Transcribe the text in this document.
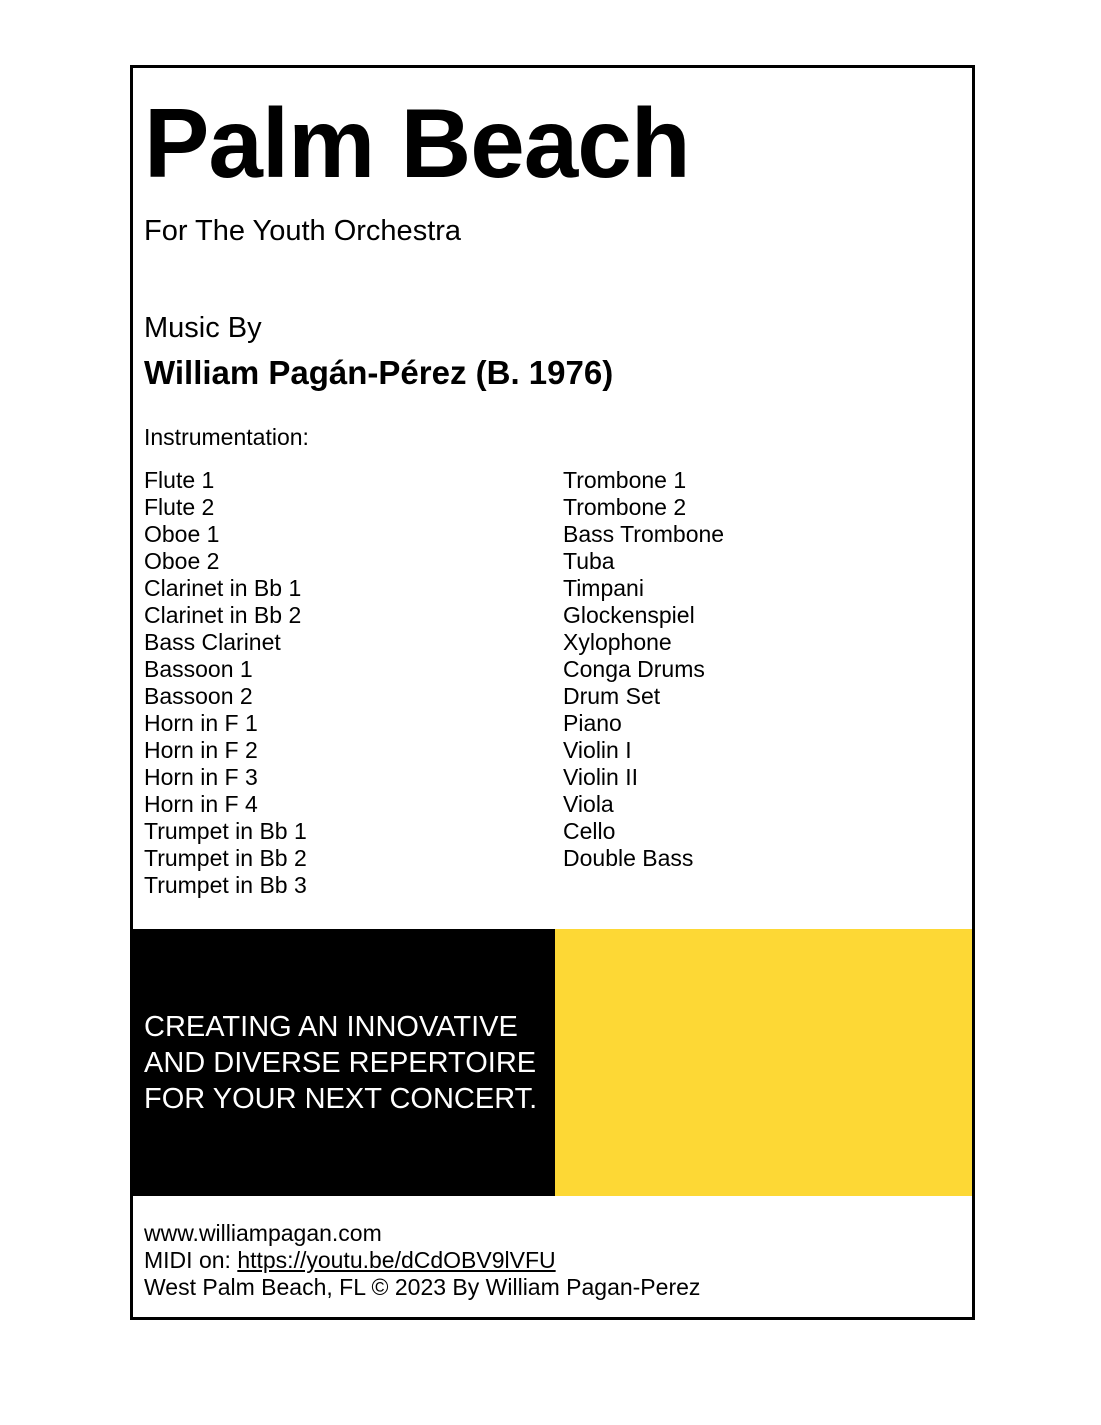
Palm Beach
For The Youth Orchestra
Music By
William Pagán-Pérez (B. 1976)
Instrumentation:
Flute 1
Flute 2
Oboe 1
Oboe 2
Clarinet in Bb 1
Clarinet in Bb 2
Bass Clarinet
Bassoon 1
Bassoon 2
Horn in F 1
Horn in F 2
Horn in F 3
Horn in F 4
Trumpet in Bb 1
Trumpet in Bb 2
Trumpet in Bb 3
Trombone 1
Trombone 2
Bass Trombone
Tuba
Timpani
Glockenspiel
Xylophone
Conga Drums
Drum Set
Piano
Violin I
Violin II
Viola
Cello
Double Bass
CREATING AN INNOVATIVE
AND DIVERSE REPERTOIRE
FOR YOUR NEXT CONCERT.
www.williampagan.com
MIDI on: https://youtu.be/dCdOBV9lVFU
West Palm Beach, FL © 2023 By William Pagan-Perez
